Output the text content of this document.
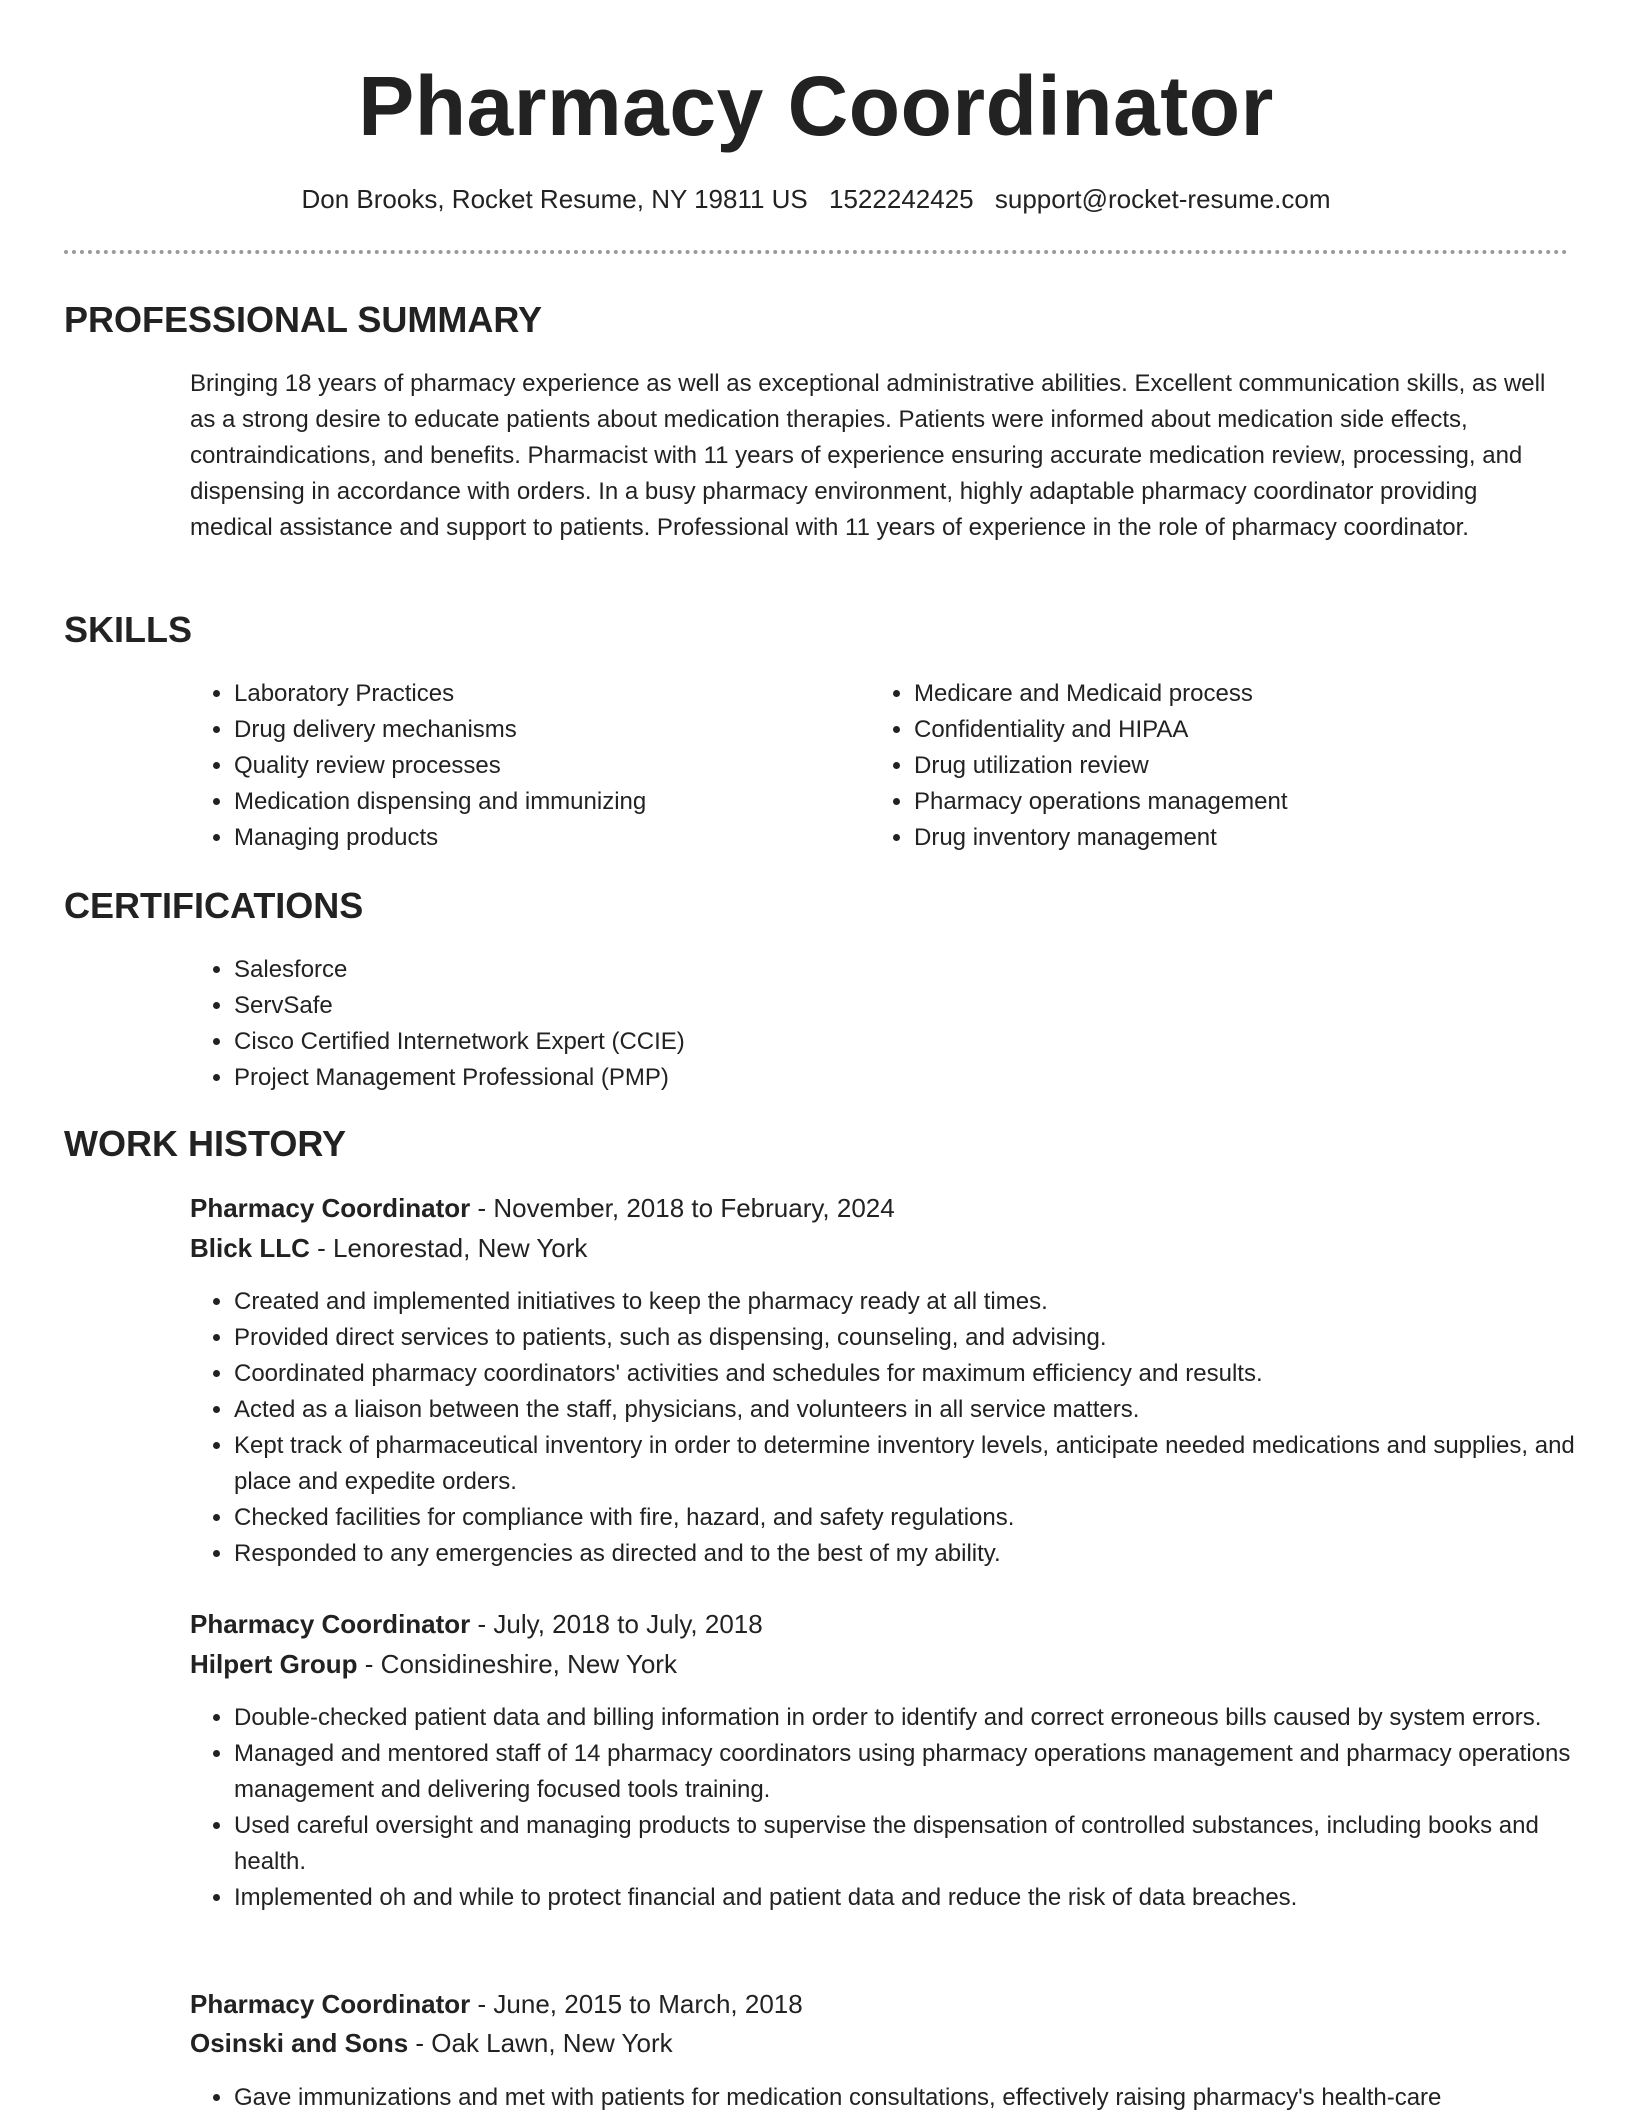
Pharmacy Coordinator
Don Brooks, Rocket Resume, NY 19811 US 1522242425 support@rocket-resume.com
PROFESSIONAL SUMMARY
Bringing 18 years of pharmacy experience as well as exceptional administrative abilities. Excellent communication skills, as well as a strong desire to educate patients about medication therapies. Patients were informed about medication side effects, contraindications, and benefits. Pharmacist with 11 years of experience ensuring accurate medication review, processing, and dispensing in accordance with orders. In a busy pharmacy environment, highly adaptable pharmacy coordinator providing medical assistance and support to patients. Professional with 11 years of experience in the role of pharmacy coordinator.
SKILLS
• Laboratory Practices
• Drug delivery mechanisms
• Quality review processes
• Medication dispensing and immunizing
• Managing products
• Medicare and Medicaid process
• Confidentiality and HIPAA
• Drug utilization review
• Pharmacy operations management
• Drug inventory management
CERTIFICATIONS
• Salesforce
• ServSafe
• Cisco Certified Internetwork Expert (CCIE)
• Project Management Professional (PMP)
WORK HISTORY
Pharmacy Coordinator - November, 2018 to February, 2024
Blick LLC - Lenorestad, New York
• Created and implemented initiatives to keep the pharmacy ready at all times.
• Provided direct services to patients, such as dispensing, counseling, and advising.
• Coordinated pharmacy coordinators' activities and schedules for maximum efficiency and results.
• Acted as a liaison between the staff, physicians, and volunteers in all service matters.
• Kept track of pharmaceutical inventory in order to determine inventory levels, anticipate needed medications and supplies, and place and expedite orders.
• Checked facilities for compliance with fire, hazard, and safety regulations.
• Responded to any emergencies as directed and to the best of my ability.
Pharmacy Coordinator - July, 2018 to July, 2018
Hilpert Group - Considineshire, New York
• Double-checked patient data and billing information in order to identify and correct erroneous bills caused by system errors.
• Managed and mentored staff of 14 pharmacy coordinators using pharmacy operations management and pharmacy operations management and delivering focused tools training.
• Used careful oversight and managing products to supervise the dispensation of controlled substances, including books and health.
• Implemented oh and while to protect financial and patient data and reduce the risk of data breaches.
Pharmacy Coordinator - June, 2015 to March, 2018
Osinski and Sons - Oak Lawn, New York
• Gave immunizations and met with patients for medication consultations, effectively raising pharmacy's health-care
